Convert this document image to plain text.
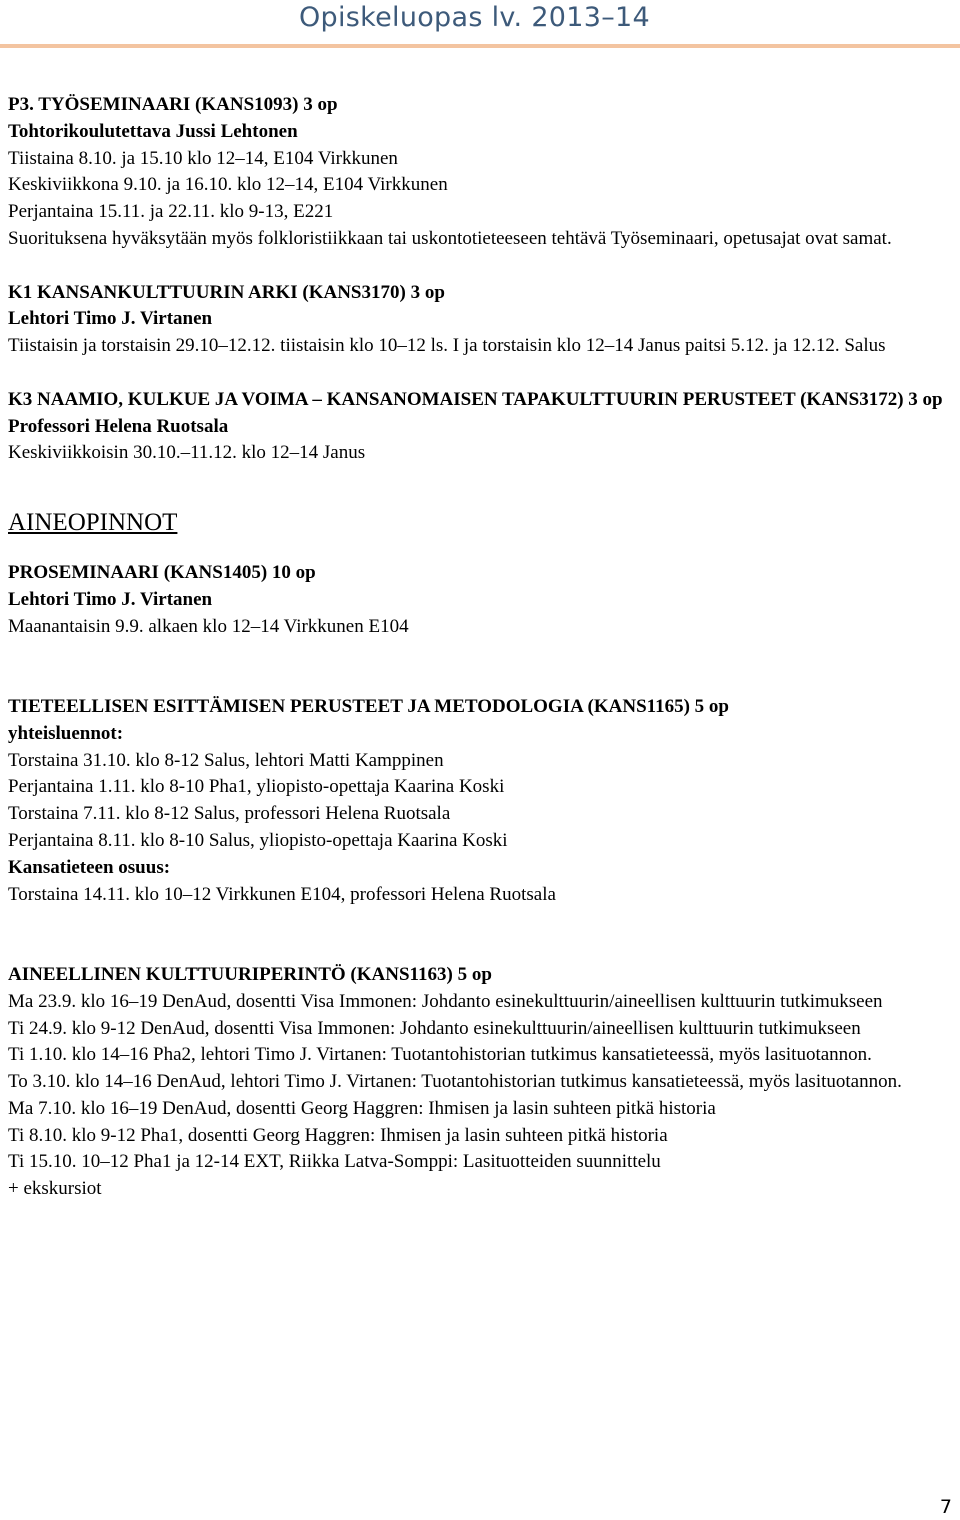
Opiskeluopas lv. 2013–14

P3. TYÖSEMINAARI (KANS1093) 3 op

Tohtorikoulutettava Jussi Lehtonen

Tiistaina 8.10. ja 15.10 klo 12–14, E104 Virkkunen

Keskiviikkona 9.10. ja 16.10. klo 12–14, E104 Virkkunen

Perjantaina 15.11. ja 22.11. klo 9-13, E221

Suorituksena hyväksytään myös folkloristiikkaan tai uskontotieteeseen tehtävä Työseminaari, opetusajat ovat samat.

K1 KANSANKULTTUURIN ARKI (KANS3170) 3 op

Lehtori Timo J. Virtanen

Tiistaisin ja torstaisin 29.10–12.12. tiistaisin klo 10–12 ls. I ja torstaisin klo 12–14 Janus paitsi 5.12. ja 12.12. Salus

K3 NAAMIO, KULKUE JA VOIMA – KANSANOMAISEN TAPAKULTTUURIN PERUSTEET (KANS3172) 3 op

Professori Helena Ruotsala

Keskiviikkoisin 30.10.–11.12. klo 12–14 Janus

AINEOPINNOT

PROSEMINAARI (KANS1405) 10 op

Lehtori Timo J. Virtanen

Maanantaisin 9.9. alkaen klo 12–14 Virkkunen E104

TIETEELLISEN ESITTÄMISEN PERUSTEET JA METODOLOGIA (KANS1165) 5 op

yhteisluennot:

Torstaina 31.10. klo 8-12 Salus, lehtori Matti Kamppinen

Perjantaina 1.11. klo 8-10 Pha1, yliopisto-opettaja Kaarina Koski

Torstaina 7.11. klo 8-12 Salus, professori Helena Ruotsala

Perjantaina 8.11. klo 8-10 Salus, yliopisto-opettaja Kaarina Koski

Kansatieteen osuus:

Torstaina 14.11. klo 10–12 Virkkunen E104, professori Helena Ruotsala

AINEELLINEN KULTTUURIPERINTÖ (KANS1163) 5 op

Ma 23.9. klo 16–19 DenAud, dosentti Visa Immonen: Johdanto esinekulttuurin/aineellisen kulttuurin tutkimukseen

Ti 24.9. klo 9-12 DenAud, dosentti Visa Immonen: Johdanto esinekulttuurin/aineellisen kulttuurin tutkimukseen

Ti 1.10. klo 14–16 Pha2, lehtori Timo J. Virtanen: Tuotantohistorian tutkimus kansatieteessä, myös lasituotannon.

To 3.10. klo 14–16 DenAud, lehtori Timo J. Virtanen: Tuotantohistorian tutkimus kansatieteessä, myös lasituotannon.

Ma 7.10. klo 16–19 DenAud, dosentti Georg Haggren: Ihmisen ja lasin suhteen pitkä historia

Ti 8.10. klo 9-12 Pha1, dosentti Georg Haggren: Ihmisen ja lasin suhteen pitkä historia

Ti 15.10. 10–12 Pha1 ja 12-14 EXT, Riikka Latva-Somppi: Lasituotteiden suunnittelu

+ ekskursiot

7
